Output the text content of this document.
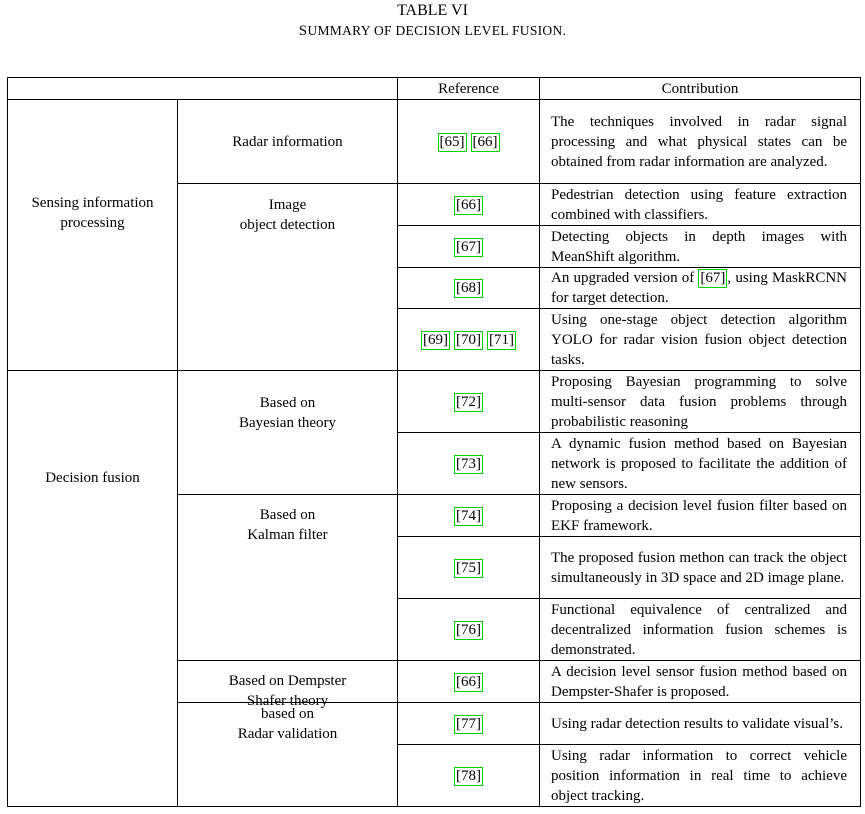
TABLE VI
SUMMARY OF DECISION LEVEL FUSION.
		Reference	Contribution

Sensing information
processing	Radar information	[65] [66]	The techniques involved in radar signal processing and what physical states can be obtained from radar information are analyzed.

	Image
object detection	[66]	Pedestrian detection using feature extraction combined with classifiers.
		[67]	Detecting objects in depth images with MeanShift algorithm.
		[68]	An upgraded version of [67] , using MaskRCNN for target detection.
		[69] [70] [71]	Using one-stage object detection algorithm YOLO for radar vision fusion object detection tasks.

Decision fusion	Based on
Bayesian theory	[72]	Proposing Bayesian programming to solve multi-sensor data fusion problems through probabilistic reasoning
		[73]	A dynamic fusion method based on Bayesian network is proposed to facilitate the addition of new sensors.

	Based on
Kalman filter	[74]	Proposing a decision level fusion filter based on EKF framework.
		[75]	The proposed fusion methon can track the object simultaneously in 3D space and 2D image plane.
		[76]	Functional equivalence of centralized and decentralized information fusion schemes is demonstrated.

	Based on Dempster
Shafer theory	[66]	A decision level sensor fusion method based on Dempster-Shafer is proposed.

	based on
Radar validation	[77]	Using radar detection results to validate visual’s.
		[78]	Using radar information to correct vehicle position information in real time to achieve object tracking.
